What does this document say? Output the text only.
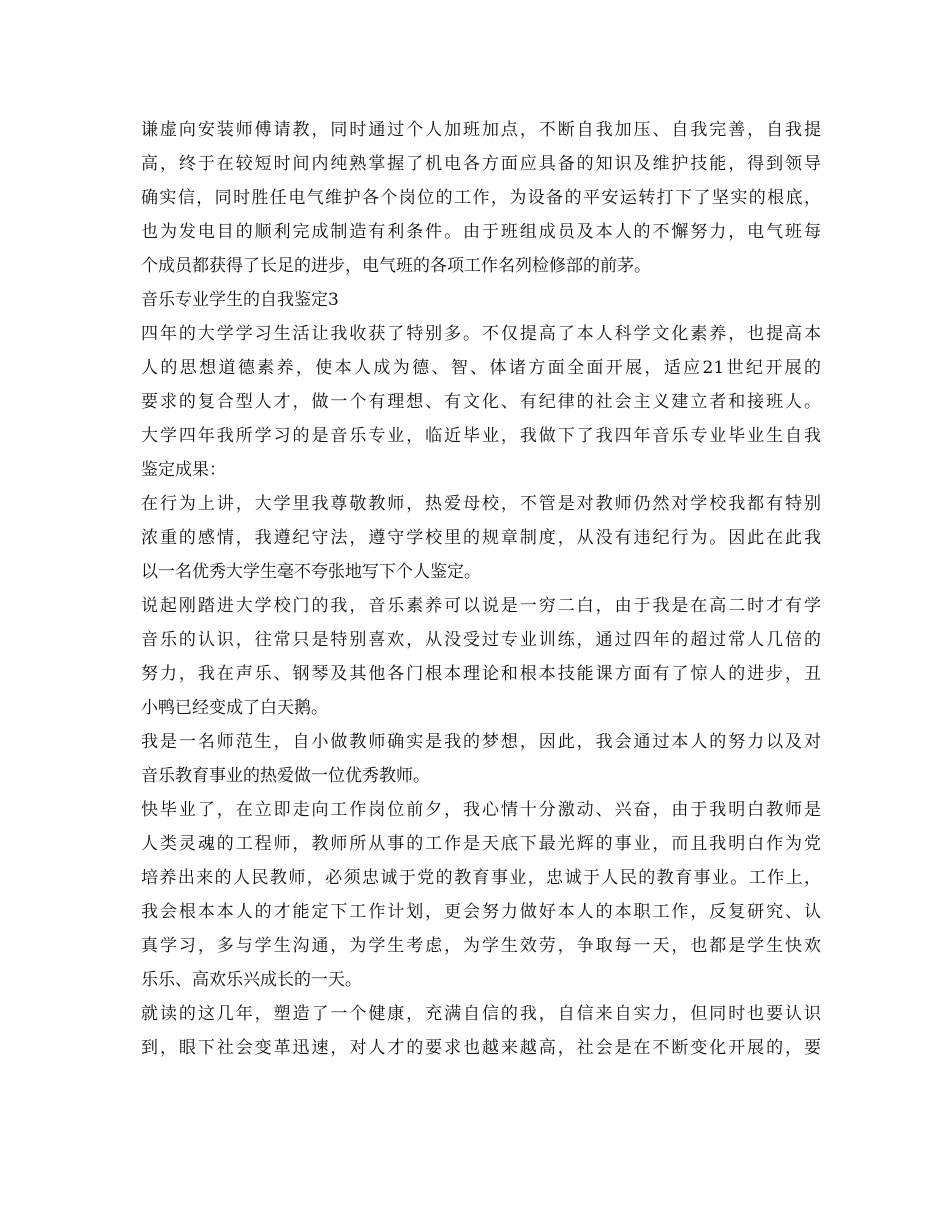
谦虚向安装师傅请教，同时通过个人加班加点，不断自我加压、自我完善，自我提
高，终于在较短时间内纯熟掌握了机电各方面应具备的知识及维护技能，得到领导
确实信，同时胜任电气维护各个岗位的工作，为设备的平安运转打下了坚实的根底，
也为发电目的顺利完成制造有利条件。由于班组成员及本人的不懈努力，电气班每
个成员都获得了长足的进步，电气班的各项工作名列检修部的前茅。
音乐专业学生的自我鉴定3
四年的大学学习生活让我收获了特别多。不仅提高了本人科学文化素养，也提高本
人的思想道德素养，使本人成为德、智、体诸方面全面开展，适应21世纪开展的
要求的复合型人才，做一个有理想、有文化、有纪律的社会主义建立者和接班人。
大学四年我所学习的是音乐专业，临近毕业，我做下了我四年音乐专业毕业生自我
鉴定成果：
在行为上讲，大学里我尊敬教师，热爱母校，不管是对教师仍然对学校我都有特别
浓重的感情，我遵纪守法，遵守学校里的规章制度，从没有违纪行为。因此在此我
以一名优秀大学生毫不夸张地写下个人鉴定。
说起刚踏进大学校门的我，音乐素养可以说是一穷二白，由于我是在高二时才有学
音乐的认识，往常只是特别喜欢，从没受过专业训练，通过四年的超过常人几倍的
努力，我在声乐、钢琴及其他各门根本理论和根本技能课方面有了惊人的进步，丑
小鸭已经变成了白天鹅。
我是一名师范生，自小做教师确实是我的梦想，因此，我会通过本人的努力以及对
音乐教育事业的热爱做一位优秀教师。
快毕业了，在立即走向工作岗位前夕，我心情十分激动、兴奋，由于我明白教师是
人类灵魂的工程师，教师所从事的工作是天底下最光辉的事业，而且我明白作为党
培养出来的人民教师，必须忠诚于党的教育事业，忠诚于人民的教育事业。工作上，
我会根本本人的才能定下工作计划，更会努力做好本人的本职工作，反复研究、认
真学习，多与学生沟通，为学生考虑，为学生效劳，争取每一天，也都是学生快欢
乐乐、高欢乐兴成长的一天。
就读的这几年，塑造了一个健康，充满自信的我，自信来自实力，但同时也要认识
到，眼下社会变革迅速，对人才的要求也越来越高，社会是在不断变化开展的，要
